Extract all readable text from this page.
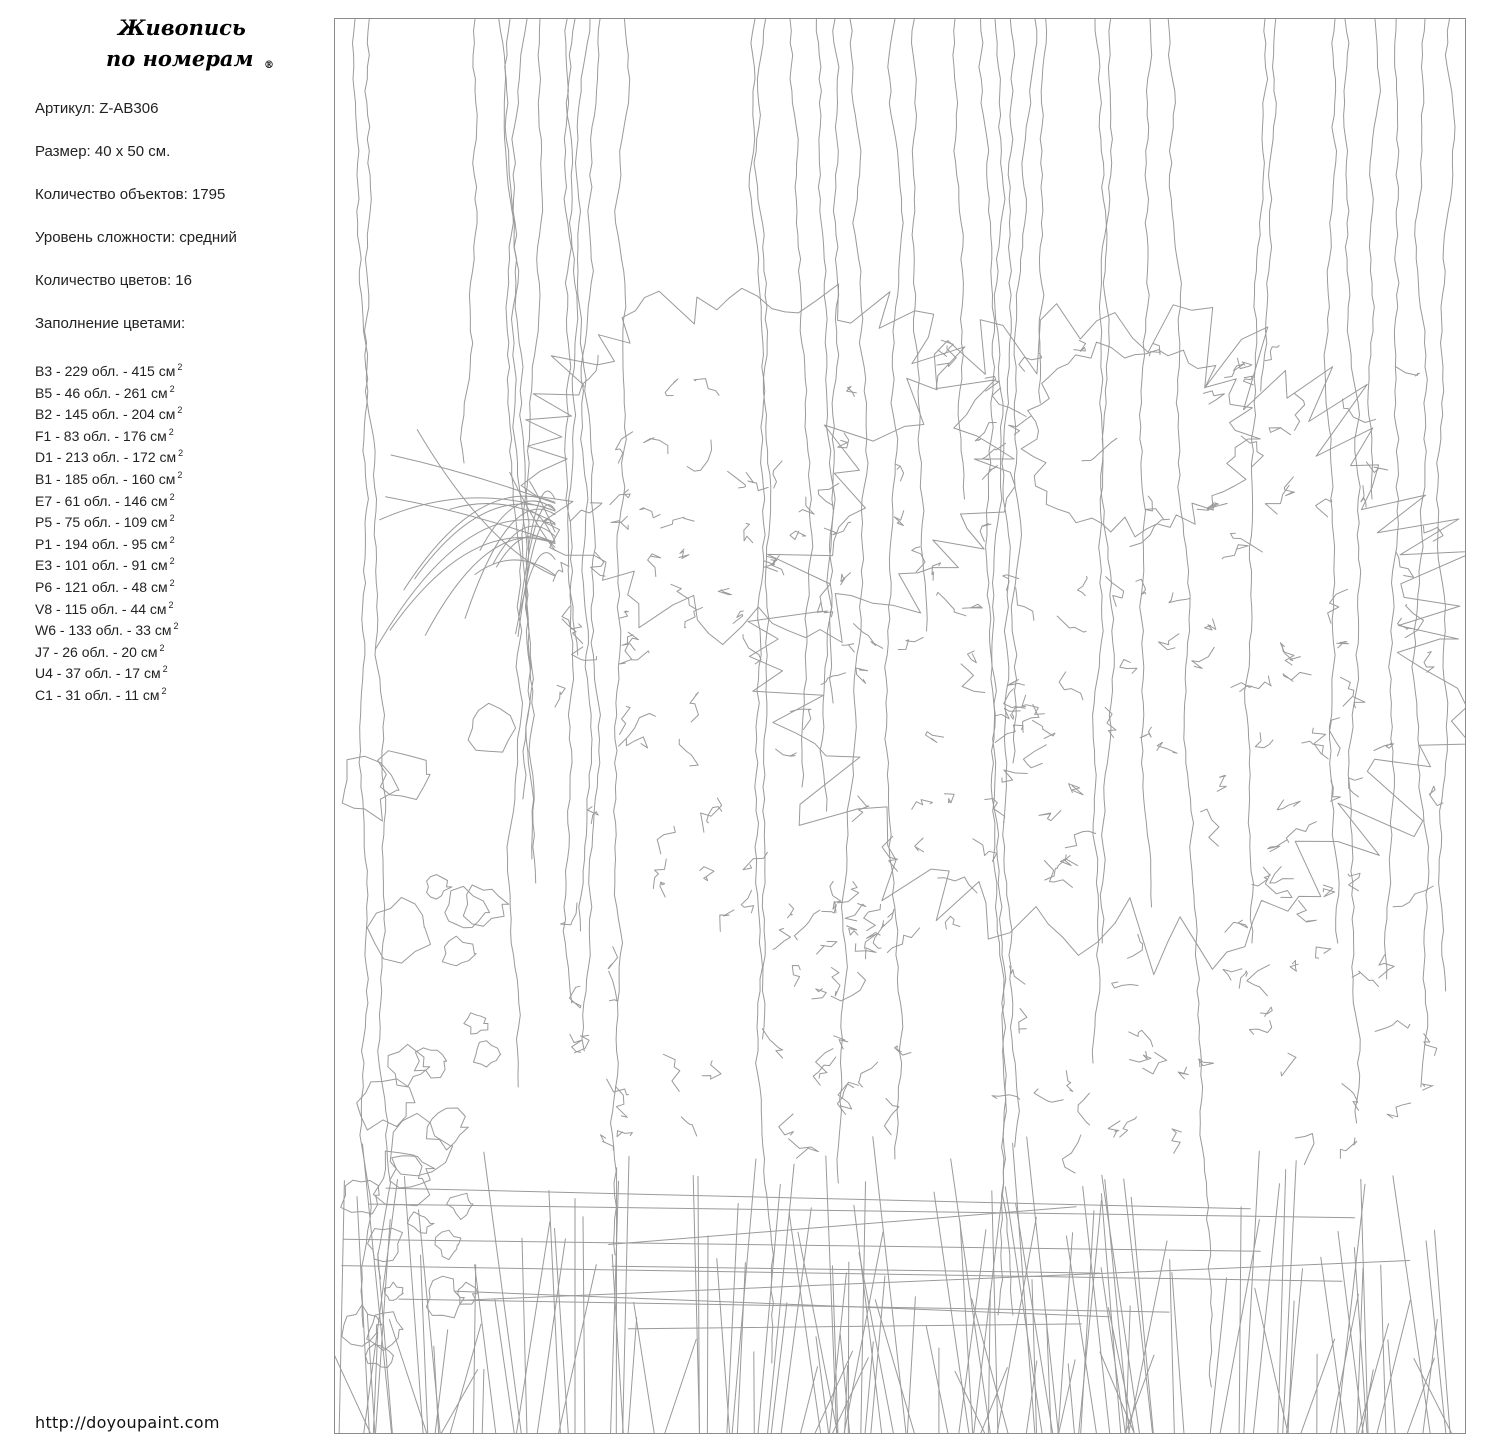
Живопись
по номерам	®
Артикул: Z-AB306
Размер: 40 х 50 см.
Количество объектов: 1795
Уровень сложности: средний
Количество цветов: 16
Заполнение цветами:
B3 - 229 обл. - 415 см $^2$
B5 - 46 обл. - 261 см $^2$
B2 - 145 обл. - 204 см $^2$
F1 - 83 обл. - 176 см $^2$
D1 - 213 обл. - 172 см $^2$
B1 - 185 обл. - 160 см $^2$
E7 - 61 обл. - 146 см $^2$
P5 - 75 обл. - 109 см $^2$
P1 - 194 обл. - 95 см $^2$
E3 - 101 обл. - 91 см $^2$
P6 - 121 обл. - 48 см $^2$
V8 - 115 обл. - 44 см $^2$
W6 - 133 обл. - 33 см $^2$
J7 - 26 обл. - 20 см $^2$
U4 - 37 обл. - 17 см $^2$
C1 - 31 обл. - 11 см $^2$
http://doyoupaint.com
